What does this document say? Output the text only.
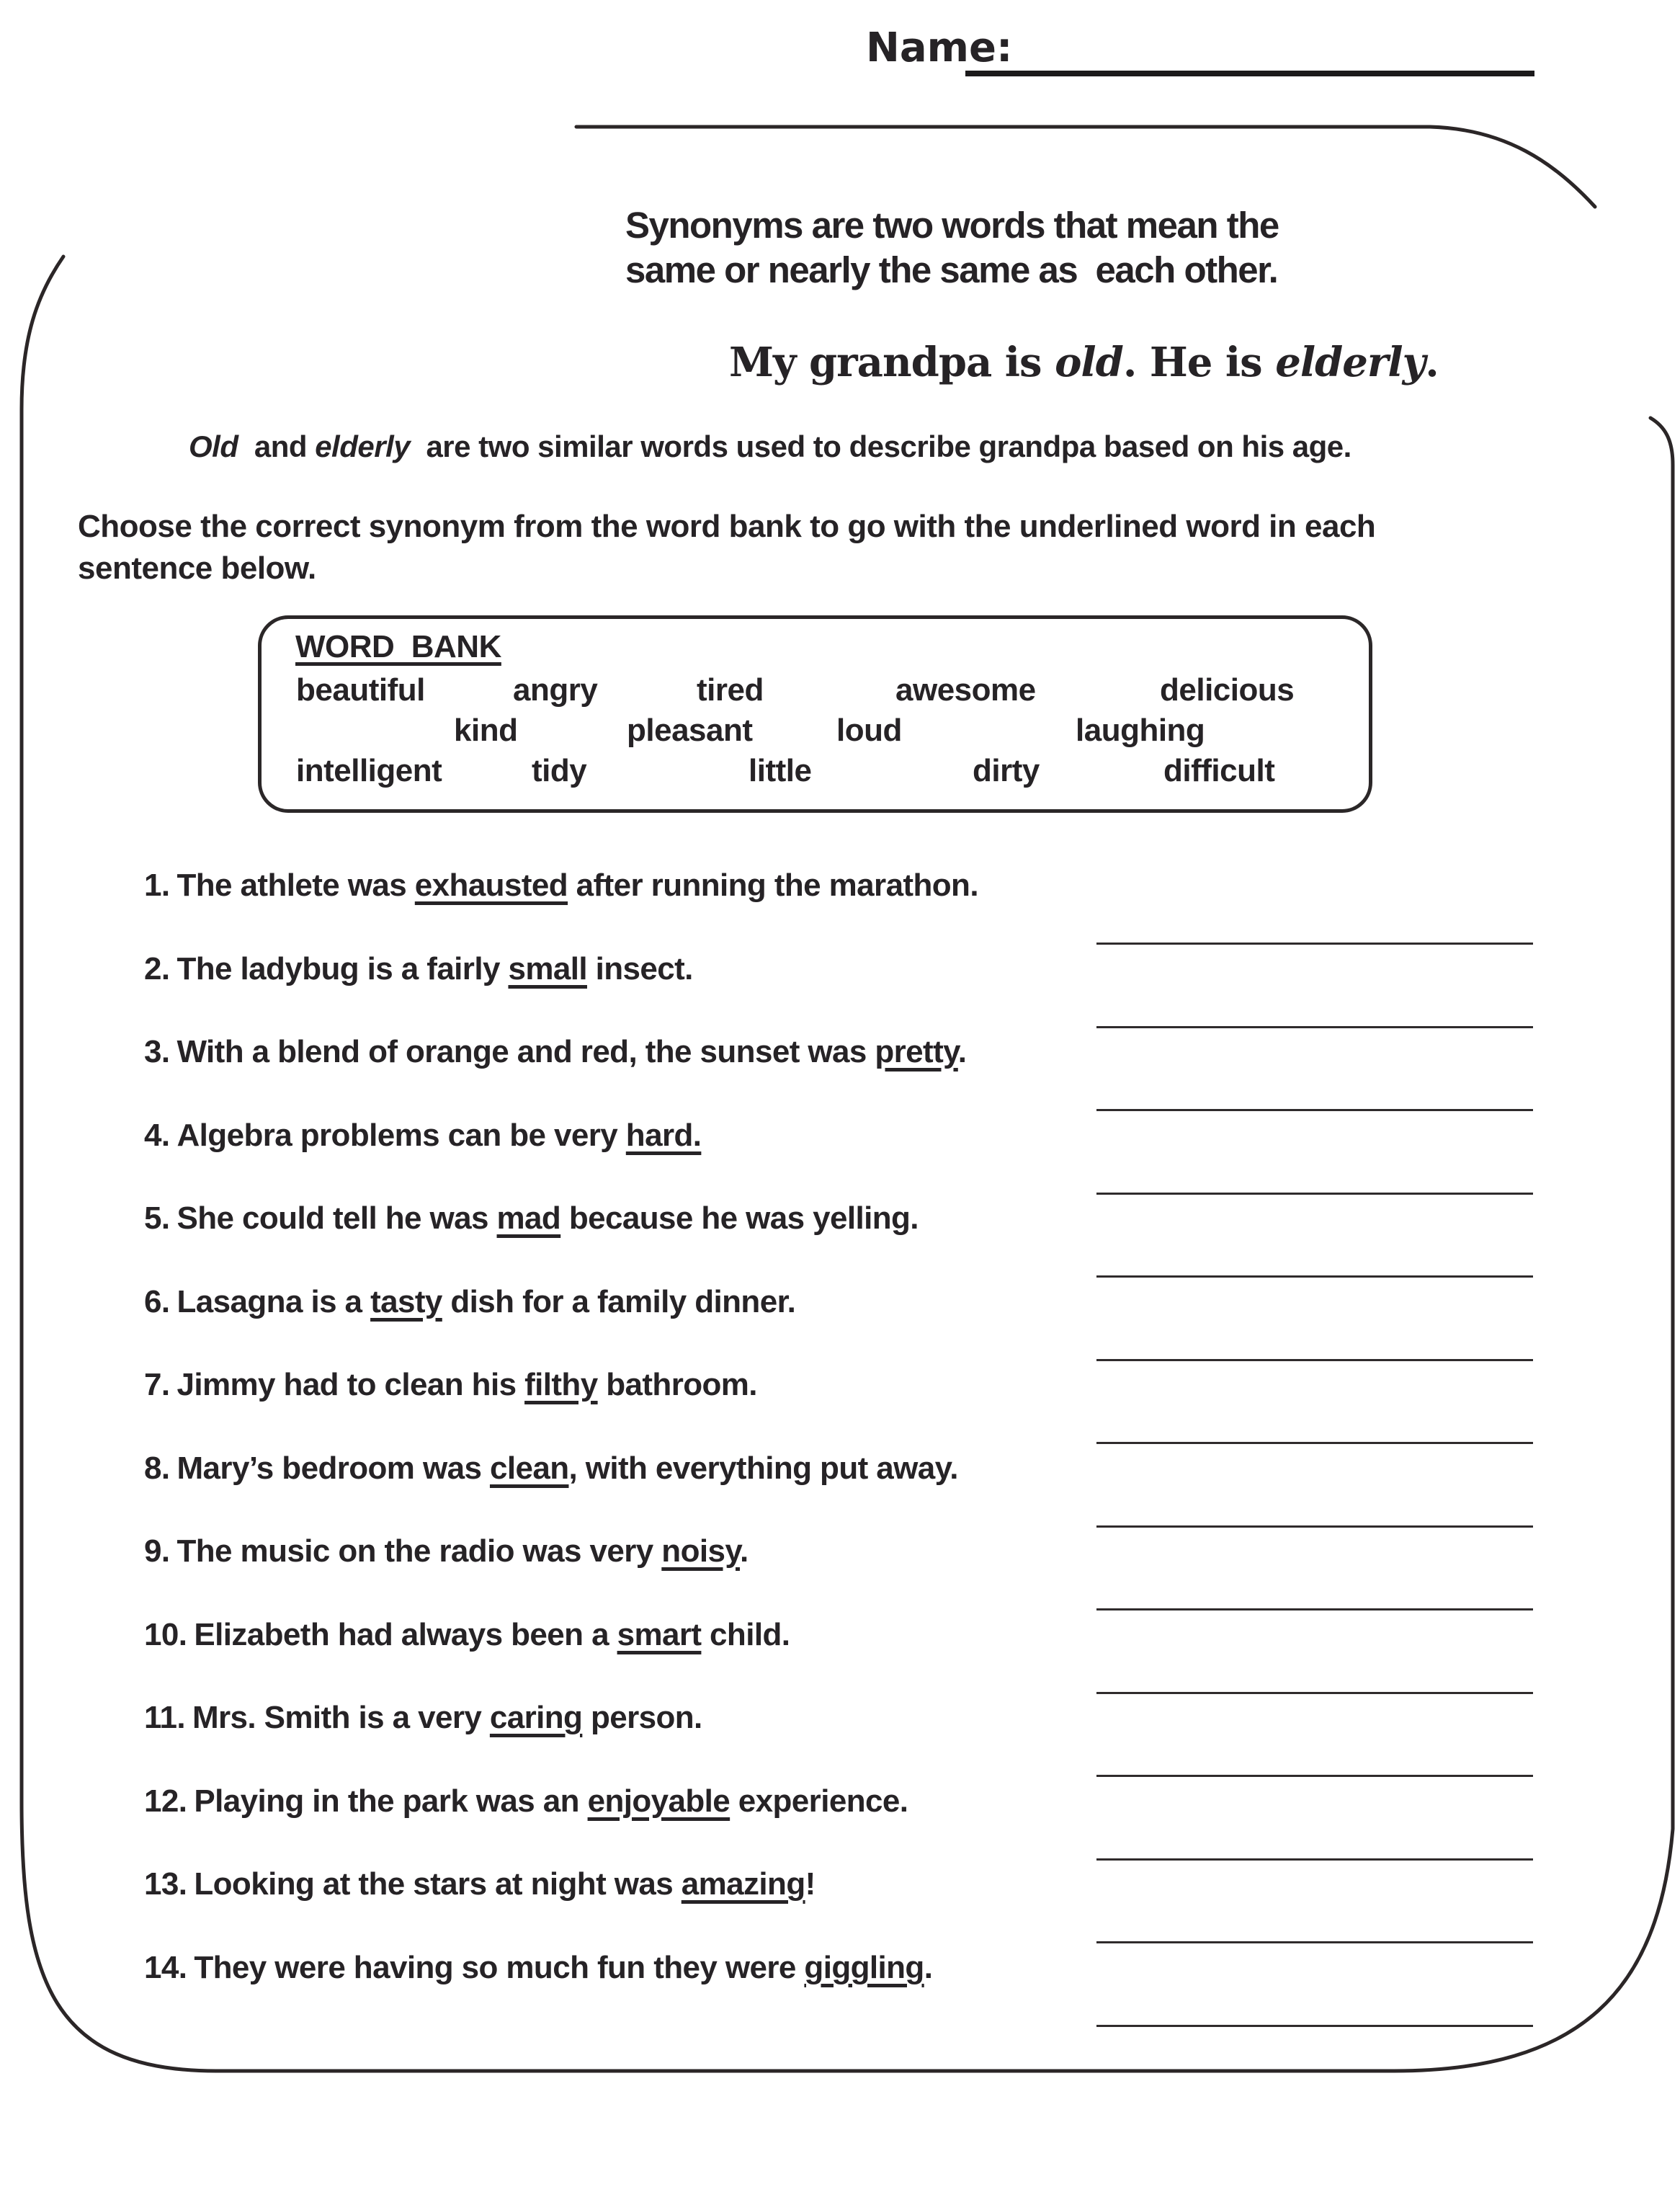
Name:
Synonyms are two words that mean the
same or nearly the same as  each other.
My grandpa is old. He is elderly.
Old  and elderly  are two similar words used to describe grandpa based on his age.
Choose the correct synonym from the word bank to go with the underlined word in each
sentence below.
WORD  BANK
beautiful	angry	tired	awesome	delicious
kind	pleasant	loud	laughing
intelligent	tidy	little	dirty	difficult
1. The athlete was exhausted after running the marathon.
2. The ladybug is a fairly small insect.
3. With a blend of orange and red, the sunset was pretty.
4. Algebra problems can be very hard.
5. She could tell he was mad because he was yelling.
6. Lasagna is a tasty dish for a family dinner.
7. Jimmy had to clean his filthy bathroom.
8. Mary’s bedroom was clean, with everything put away.
9. The music on the radio was very noisy.
10. Elizabeth had always been a smart child.
11. Mrs. Smith is a very caring person.
12. Playing in the park was an enjoyable experience.
13. Looking at the stars at night was amazing!
14. They were having so much fun they were giggling.
